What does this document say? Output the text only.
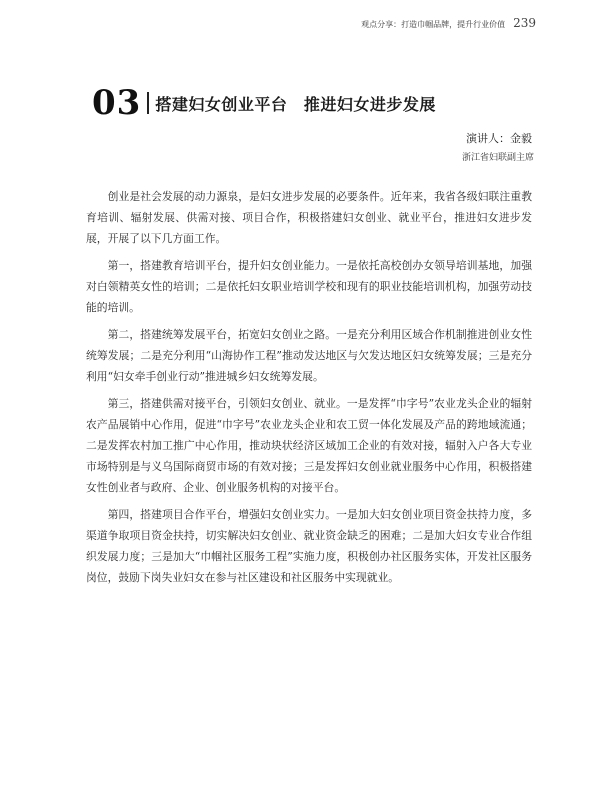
观点分享：打造巾帼品牌，提升行业价值 239
03 搭建妇女创业平台　推进妇女进步发展
演讲人：金毅
浙江省妇联副主席

创业是社会发展的动力源泉，是妇女进步发展的必要条件。近年来，我省各级妇联注重教育培训、辐射发展、供需对接、项目合作，积极搭建妇女创业、就业平台，推进妇女进步发展，开展了以下几方面工作。

第一，搭建教育培训平台，提升妇女创业能力。一是依托高校创办女领导培训基地，加强对白领精英女性的培训；二是依托妇女职业培训学校和现有的职业技能培训机构，加强劳动技能的培训。

第二，搭建统筹发展平台，拓宽妇女创业之路。一是充分利用区域合作机制推进创业女性统筹发展；二是充分利用“山海协作工程”推动发达地区与欠发达地区妇女统筹发展；三是充分利用“妇女牵手创业行动”推进城乡妇女统筹发展。

第三，搭建供需对接平台，引领妇女创业、就业。一是发挥“巾字号”农业龙头企业的辐射农产品展销中心作用，促进“巾字号”农业龙头企业和农工贸一体化发展及产品的跨地域流通；二是发挥农村加工推广中心作用，推动块状经济区域加工企业的有效对接，辐射入户各大专业市场特别是与义乌国际商贸市场的有效对接；三是发挥妇女创业就业服务中心作用，积极搭建女性创业者与政府、企业、创业服务机构的对接平台。

第四，搭建项目合作平台，增强妇女创业实力。一是加大妇女创业项目资金扶持力度，多渠道争取项目资金扶持，切实解决妇女创业、就业资金缺乏的困难；二是加大妇女专业合作组织发展力度；三是加大“巾帼社区服务工程”实施力度，积极创办社区服务实体，开发社区服务岗位，鼓励下岗失业妇女在参与社区建设和社区服务中实现就业。
